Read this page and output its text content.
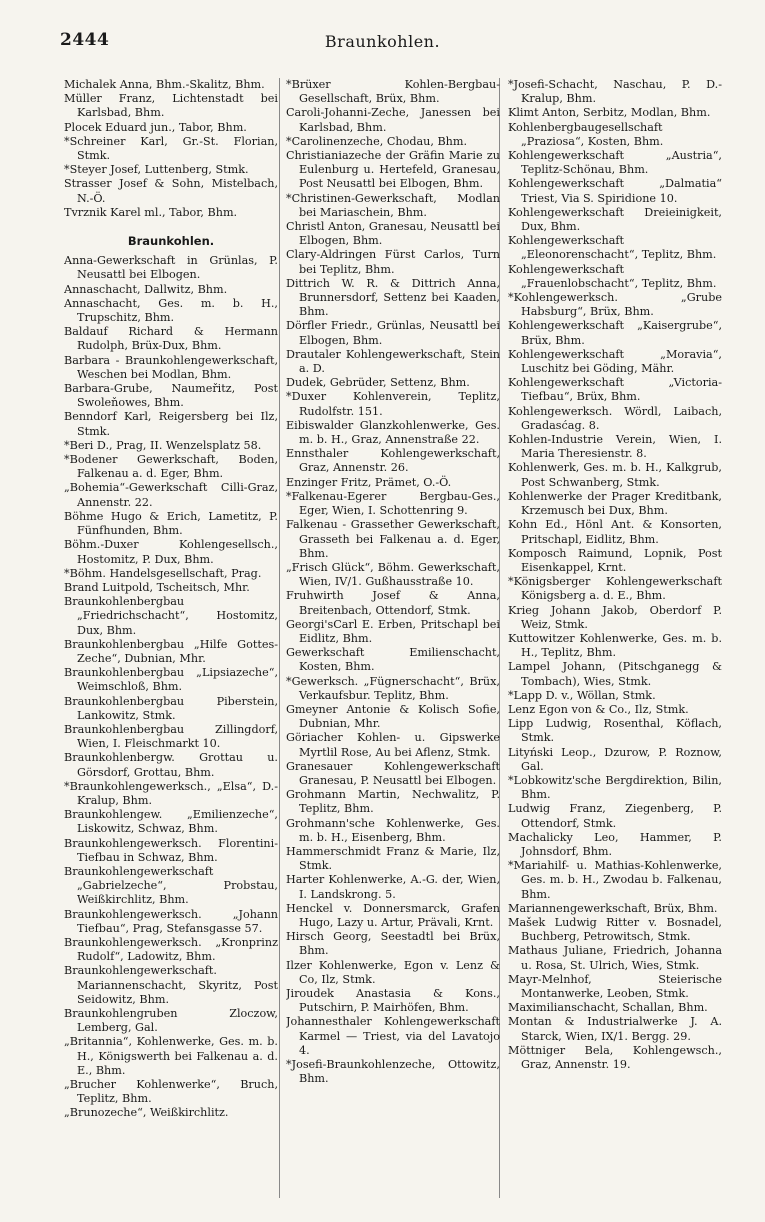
2444	Braunkohlen.

Michalek Anna, Bhm.-Skalitz, Bhm.

Müller Franz, Lichtenstadt bei Karlsbad, Bhm.

Plocek Eduard jun., Tabor, Bhm.

*Schreiner Karl, Gr.-St. Florian, Stmk.

*Steyer Josef, Luttenberg, Stmk.

Strasser Josef & Sohn, Mistelbach, N.-Ö.

Tvrznik Karel ml., Tabor, Bhm.

Braunkohlen.

Anna-Gewerkschaft in Grünlas, P. Neusattl bei Elbogen.

Annaschacht, Dallwitz, Bhm.

Annaschacht, Ges. m. b. H., Trupschitz, Bhm.

Baldauf Richard & Hermann Rudolph, Brüx-Dux, Bhm.

Barbara - Braunkohlengewerkschaft, Weschen bei Modlan, Bhm.

Barbara-Grube, Naumeřitz, Post Swoleňowes, Bhm.

Benndorf Karl, Reigersberg bei Ilz, Stmk.

*Beri D., Prag, II. Wenzelsplatz 58.

*Bodener Gewerkschaft, Boden, Falkenau a. d. Eger, Bhm.

„Bohemia“-Gewerkschaft Cilli-Graz, Annenstr. 22.

Böhme Hugo & Erich, Lametitz, P. Fünfhunden, Bhm.

Böhm.-Duxer Kohlengesellsch., Hostomitz, P. Dux, Bhm.

*Böhm. Handelsgesellschaft, Prag.

Brand Luitpold, Tscheitsch, Mhr.

Braunkohlenbergbau „Friedrichschacht“, Hostomitz, Dux, Bhm.

Braunkohlenbergbau „Hilfe Gottes-Zeche“, Dubnian, Mhr.

Braunkohlenbergbau „Lipsiazeche“, Weimschloß, Bhm.

Braunkohlenbergbau Piberstein, Lankowitz, Stmk.

Braunkohlenbergbau Zillingdorf, Wien, I. Fleischmarkt 10.

Braunkohlenbergw. Grottau u. Görsdorf, Grottau, Bhm.

*Braunkohlengewerksch., „Elsa“, D.-Kralup, Bhm.

Braunkohlengew. „Emilienzeche“, Liskowitz, Schwaz, Bhm.

Braunkohlengewerksch. Florentini-Tiefbau in Schwaz, Bhm.

Braunkohlengewerkschaft „Gabrielzeche“, Probstau, Weißkirchlitz, Bhm.

Braunkohlengewerksch. „Johann Tiefbau“, Prag, Stefansgasse 57.

Braunkohlengewerksch. „Kronprinz Rudolf“, Ladowitz, Bhm.

Braunkohlengewerkschaft. Mariannenschacht, Skyritz, Post Seidowitz, Bhm.

Braunkohlengruben Zloczow, Lemberg, Gal.

„Britannia“, Kohlenwerke, Ges. m. b. H., Königswerth bei Falkenau a. d. E., Bhm.

„Brucher Kohlenwerke“, Bruch, Teplitz, Bhm.

„Brunozeche“, Weißkirchlitz.

*Brüxer Kohlen-Bergbau-Gesellschaft, Brüx, Bhm.

Caroli-Johanni-Zeche, Janessen bei Karlsbad, Bhm.

*Carolinenzeche, Chodau, Bhm.

Christianiazeche der Gräfin Marie zu Eulenburg u. Hertefeld, Granesau, Post Neusattl bei Elbogen, Bhm.

*Christinen-Gewerkschaft, Modlan bei Mariaschein, Bhm.

Christl Anton, Granesau, Neusattl bei Elbogen, Bhm.

Clary-Aldringen Fürst Carlos, Turn bei Teplitz, Bhm.

Dittrich W. R. & Dittrich Anna, Brunnersdorf, Settenz bei Kaaden, Bhm.

Dörfler Friedr., Grünlas, Neusattl bei Elbogen, Bhm.

Drautaler Kohlengewerkschaft, Stein a. D.

Dudek, Gebrüder, Settenz, Bhm.

*Duxer Kohlenverein, Teplitz, Rudolfstr. 151.

Eibiswalder Glanzkohlenwerke, Ges. m. b. H., Graz, Annenstraße 22.

Ennsthaler Kohlengewerkschaft, Graz, Annenstr. 26.

Enzinger Fritz, Prämet, O.-Ö.

*Falkenau-Egerer Bergbau-Ges., Eger, Wien, I. Schottenring 9.

Falkenau - Grassether Gewerkschaft, Grasseth bei Falkenau a. d. Eger, Bhm.

„Frisch Glück“, Böhm. Gewerkschaft, Wien, IV/1. Gußhausstraße 10.

Fruhwirth Josef & Anna, Breitenbach, Ottendorf, Stmk.

Georgi'sCarl E. Erben, Pritschapl bei Eidlitz, Bhm.

Gewerkschaft Emilienschacht, Kosten, Bhm.

*Gewerksch. „Fügnerschacht“, Brüx, Verkaufsbur. Teplitz, Bhm.

Gmeyner Antonie & Kolisch Sofie, Dubnian, Mhr.

Göriacher Kohlen- u. Gipswerke Myrtlil Rose, Au bei Aflenz, Stmk.

Granesauer Kohlengewerkschaft Granesau, P. Neusattl bei Elbogen.

Grohmann Martin, Nechwalitz, P. Teplitz, Bhm.

Grohmann'sche Kohlenwerke, Ges. m. b. H., Eisenberg, Bhm.

Hammerschmidt Franz & Marie, Ilz, Stmk.

Harter Kohlenwerke, A.-G. der, Wien, I. Landskrong. 5.

Henckel v. Donnersmarck, Grafen Hugo, Lazy u. Artur, Prävali, Krnt.

Hirsch Georg, Seestadtl bei Brüx, Bhm.

Ilzer Kohlenwerke, Egon v. Lenz & Co, Ilz, Stmk.

Jiroudek Anastasia & Kons., Putschirn, P. Mairhöfen, Bhm.

Johannesthaler Kohlengewerkschaft Karmel — Triest, via del Lavatojo 4.

*Josefi-Braunkohlenzeche, Ottowitz, Bhm.

*Josefi-Schacht, Naschau, P. D.-Kralup, Bhm.

Klimt Anton, Serbitz, Modlan, Bhm.

Kohlenbergbaugesellschaft „Praziosa“, Kosten, Bhm.

Kohlengewerkschaft „Austria“, Teplitz-Schönau, Bhm.

Kohlengewerkschaft „Dalmatia“ Triest, Via S. Spiridione 10.

Kohlengewerkschaft Dreieinigkeit, Dux, Bhm.

Kohlengewerkschaft „Eleonorenschacht“, Teplitz, Bhm.

Kohlengewerkschaft „Frauenlobschacht“, Teplitz, Bhm.

*Kohlengewerksch. „Grube Habsburg“, Brüx, Bhm.

Kohlengewerkschaft „Kaisergrube“, Brüx, Bhm.

Kohlengewerkschaft „Moravia“, Luschitz bei Göding, Mähr.

Kohlengewerkschaft „Victoria-Tiefbau“, Brüx, Bhm.

Kohlengewerksch. Wördl, Laibach, Gradasćag. 8.

Kohlen-Industrie Verein, Wien, I. Maria Theresienstr. 8.

Kohlenwerk, Ges. m. b. H., Kalkgrub, Post Schwanberg, Stmk.

Kohlenwerke der Prager Kreditbank, Krzemusch bei Dux, Bhm.

Kohn Ed., Hönl Ant. & Konsorten, Pritschapl, Eidlitz, Bhm.

Komposch Raimund, Lopnik, Post Eisenkappel, Krnt.

*Königsberger Kohlengewerkschaft Königsberg a. d. E., Bhm.

Krieg Johann Jakob, Oberdorf P. Weiz, Stmk.

Kuttowitzer Kohlenwerke, Ges. m. b. H., Teplitz, Bhm.

Lampel Johann, (Pitschganegg & Tombach), Wies, Stmk.

*Lapp D. v., Wöllan, Stmk.

Lenz Egon von & Co., Ilz, Stmk.

Lipp Ludwig, Rosenthal, Köflach, Stmk.

Lityński Leop., Dzurow, P. Roznow, Gal.

*Lobkowitz'sche Bergdirektion, Bilin, Bhm.

Ludwig Franz, Ziegenberg, P. Ottendorf, Stmk.

Machalicky Leo, Hammer, P. Johnsdorf, Bhm.

*Mariahilf- u. Mathias-Kohlenwerke, Ges. m. b. H., Zwodau b. Falkenau, Bhm.

Mariannengewerkschaft, Brüx, Bhm.

Mašek Ludwig Ritter v. Bosnadel, Buchberg, Petrowitsch, Stmk.

Mathaus Juliane, Friedrich, Johanna u. Rosa, St. Ulrich, Wies, Stmk.

Mayr-Melnhof, Steierische Montanwerke, Leoben, Stmk.

Maximilianschacht, Schallan, Bhm.

Montan & Industrialwerke J. A. Starck, Wien, IX/1. Bergg. 29.

Möttniger Bela, Kohlengewsch., Graz, Annenstr. 19.
